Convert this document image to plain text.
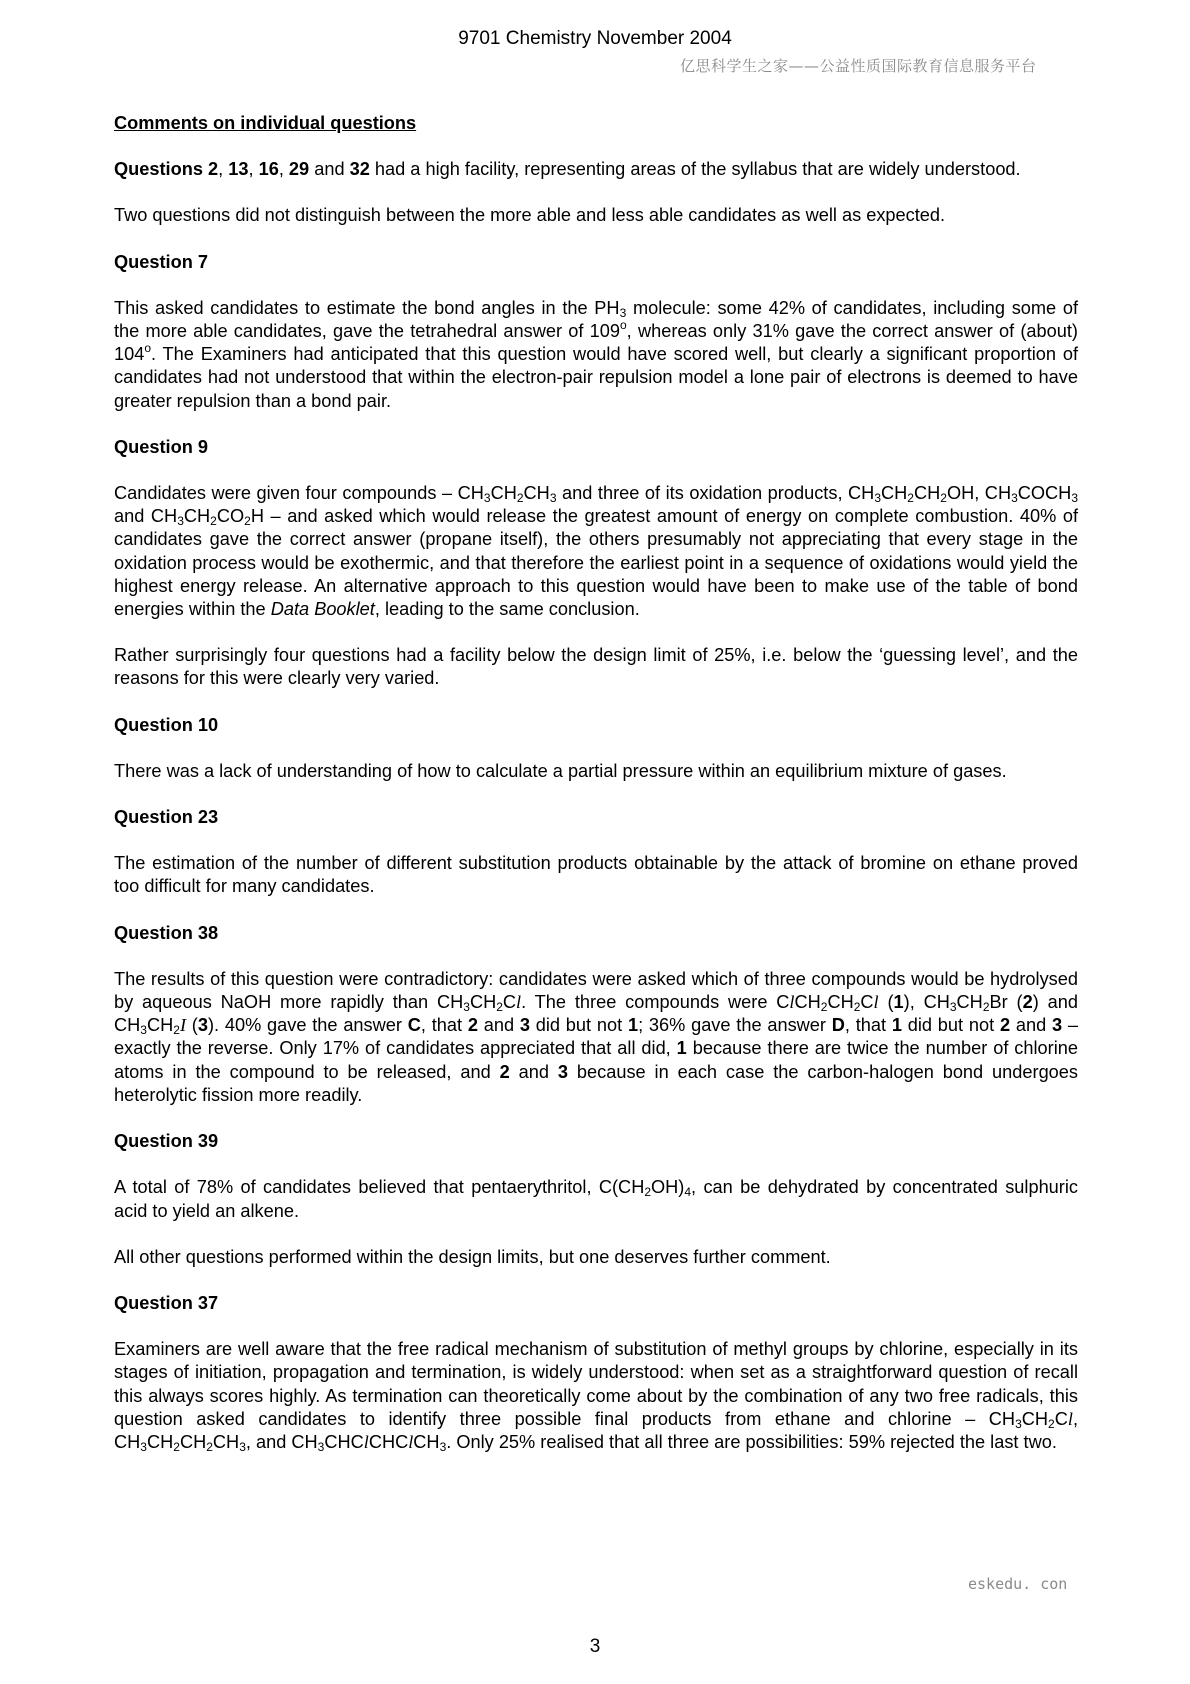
9701 Chemistry November 2004
亿思科学生之家——公益性质国际教育信息服务平台

Comments on individual questions

Questions 2, 13, 16, 29 and 32 had a high facility, representing areas of the syllabus that are widely understood.

Two questions did not distinguish between the more able and less able candidates as well as expected.

Question 7

This asked candidates to estimate the bond angles in the $PH_3$ molecule: some 42% of candidates, including some of the more able candidates, gave the tetrahedral answer of 109$^o$, whereas only 31% gave the correct answer of (about) 104$^o$. The Examiners had anticipated that this question would have scored well, but clearly a significant proportion of candidates had not understood that within the electron-pair repulsion model a lone pair of electrons is deemed to have greater repulsion than a bond pair.

Question 9

Candidates were given four compounds – $CH_3CH_2CH_3$ and three of its oxidation products, $CH_3CH_2CH_2OH$, $CH_3COCH_3$ and $CH_3CH_2CO_2H$ – and asked which would release the greatest amount of energy on complete combustion. 40% of candidates gave the correct answer (propane itself), the others presumably not appreciating that every stage in the oxidation process would be exothermic, and that therefore the earliest point in a sequence of oxidations would yield the highest energy release. An alternative approach to this question would have been to make use of the table of bond energies within the Data Booklet, leading to the same conclusion.

Rather surprisingly four questions had a facility below the design limit of 25%, i.e. below the ‘guessing level’, and the reasons for this were clearly very varied.

Question 10

There was a lack of understanding of how to calculate a partial pressure within an equilibrium mixture of gases.

Question 23

The estimation of the number of different substitution products obtainable by the attack of bromine on ethane proved too difficult for many candidates.

Question 38

The results of this question were contradictory: candidates were asked which of three compounds would be hydrolysed by aqueous NaOH more rapidly than $CH_3CH_2Cl$. The three compounds were $ClCH_2CH_2Cl$ (1), $CH_3CH_2Br$ (2) and $CH_3CH_2I$ (3). 40% gave the answer C, that 2 and 3 did but not 1; 36% gave the answer D, that 1 did but not 2 and 3 – exactly the reverse. Only 17% of candidates appreciated that all did, 1 because there are twice the number of chlorine atoms in the compound to be released, and 2 and 3 because in each case the carbon-halogen bond undergoes heterolytic fission more readily.

Question 39

A total of 78% of candidates believed that pentaerythritol, $C(CH_2OH)_4$, can be dehydrated by concentrated sulphuric acid to yield an alkene.

All other questions performed within the design limits, but one deserves further comment.

Question 37

Examiners are well aware that the free radical mechanism of substitution of methyl groups by chlorine, especially in its stages of initiation, propagation and termination, is widely understood: when set as a straightforward question of recall this always scores highly. As termination can theoretically come about by the combination of any two free radicals, this question asked candidates to identify three possible final products from ethane and chlorine – $CH_3CH_2Cl$, $CH_3CH_2CH_2CH_3$, and $CH_3CHClCHClCH_3$. Only 25% realised that all three are possibilities: 59% rejected the last two.

eskedu. con
3
